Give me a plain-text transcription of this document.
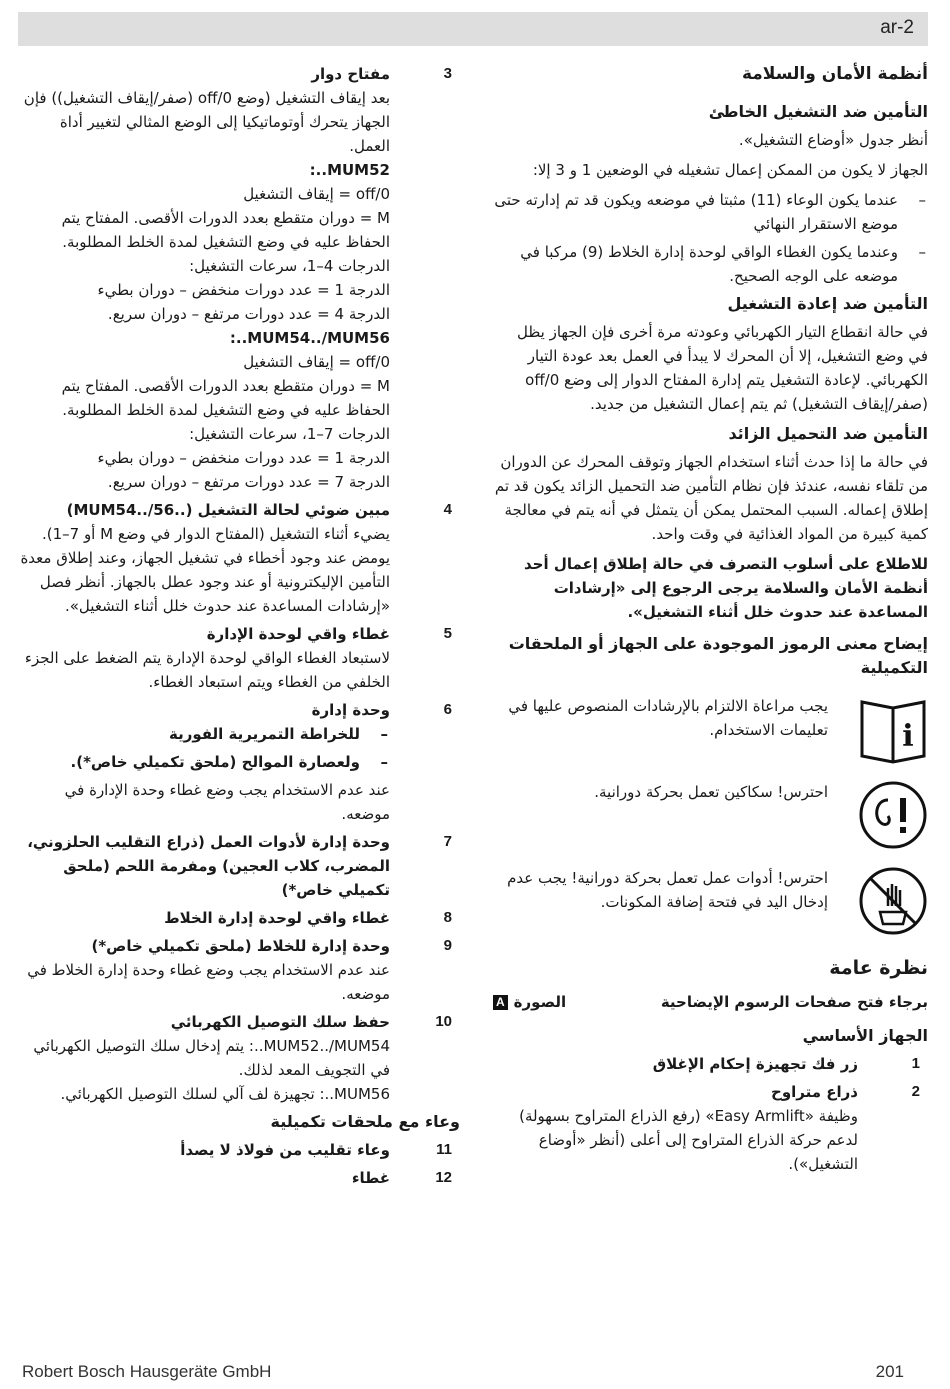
ar-2
أنظمة الأمان والسلامة
التأمين ضد التشغيل الخاطئ

أنظر جدول «أوضاع التشغيل».

الجهاز لا يكون من الممكن إعمال تشغيله في الوضعين 1 و 3 إلا:

– عندما يكون الوعاء (11) مثبتا في موضعه ويكون قد تم إدارته حتى موضع الاستقرار النهائي
– وعندما يكون الغطاء الواقي لوحدة إدارة الخلاط (9) مركبا في موضعه على الوجه الصحيح.
التأمين ضد إعادة التشغيل

في حالة انقطاع التيار الكهربائي وعودته مرة أخرى فإن الجهاز يظل في وضع التشغيل، إلا أن المحرك لا يبدأ في العمل بعد عودة التيار الكهربائي. لإعادة التشغيل يتم إدارة المفتاح الدوار إلى وضع off/0 (صفر/إيقاف التشغيل) ثم يتم إعمال التشغيل من جديد.

التأمين ضد التحميل الزائد

في حالة ما إذا حدث أثناء استخدام الجهاز وتوقف المحرك عن الدوران من تلقاء نفسه، عندئذ فإن نظام التأمين ضد التحميل الزائد يكون قد تم إطلاق إعماله. السبب المحتمل يمكن أن يتمثل في أنه يتم في معالجة كمية كبيرة من المواد الغذائية في وقت واحد.

للاطلاع على أسلوب التصرف في حالة إطلاق إعمال أحد أنظمة الأمان والسلامة يرجى الرجوع إلى «إرشادات المساعدة عند حدوث خلل أثناء التشغيل».

إيضاح معنى الرموز الموجودة على الجهاز أو الملحقات التكميلية
i
يجب مراعاة الالتزام بالإرشادات المنصوص عليها في تعليمات الاستخدام.
احترس! سكاكين تعمل بحركة دورانية.
احترس! أدوات عمل تعمل بحركة دورانية! يجب عدم إدخال اليد في فتحة إضافة المكونات.
نظرة عامة
برجاء فتح صفحات الرسوم الإيضاحية
الصورة
A
الجهاز الأساسي
1
زر فك تجهيزة إحكام الإغلاق
2
ذراع متراوح

وظيفة «Easy Armlift» (رفع الذراع المتراوح بسهولة) لدعم حركة الذراع المتراوح إلى أعلى (أنظر «أوضاع التشغيل»).

3
مفتاح دوار

بعد إيقاف التشغيل (وضع off/0 (صفر/إيقاف التشغيل)) فإن الجهاز يتحرك أوتوماتيكيا إلى الوضع المثالي لتغيير أداة العمل.

MUM52..:
off/0 = إيقاف التشغيل
M = دوران متقطع بعدد الدورات الأقصى. المفتاح يتم الحفاظ عليه في وضع التشغيل لمدة الخلط المطلوبة.
الدرجات 4–1، سرعات التشغيل:
الدرجة 1 = عدد دورات منخفض – دوران بطيء
الدرجة 4 = عدد دورات مرتفع – دوران سريع.
MUM54../MUM56..:
off/0 = إيقاف التشغيل
M = دوران متقطع بعدد الدورات الأقصى. المفتاح يتم الحفاظ عليه في وضع التشغيل لمدة الخلط المطلوبة.
الدرجات 7–1، سرعات التشغيل:
الدرجة 1 = عدد دورات منخفض – دوران بطيء
الدرجة 7 = عدد دورات مرتفع – دوران سريع.
4
مبين ضوئي لحالة التشغيل (..56/..MUM54)

يضيء أثناء التشغيل (المفتاح الدوار في وضع M أو 7–1). يومض عند وجود أخطاء في تشغيل الجهاز، وعند إطلاق معدة التأمين الإليكترونية أو عند وجود عطل بالجهاز. أنظر فصل «إرشادات المساعدة عند حدوث خلل أثناء التشغيل».

5
غطاء واقي لوحدة الإدارة

لاستبعاد الغطاء الواقي لوحدة الإدارة يتم الضغط على الجزء الخلفي من الغطاء ويتم استبعاد الغطاء.

6
وحدة إدارة
– للخراطة التمريرية الفورية
– ولعصارة الموالح (ملحق تكميلي خاص*).

عند عدم الاستخدام يجب وضع غطاء وحدة الإدارة في موضعه.

7
وحدة إدارة لأدوات العمل (ذراع التقليب الحلزوني، المضرب، كلاب العجين) ومفرمة اللحم (ملحق تكميلي خاص*)
8
غطاء واقي لوحدة إدارة الخلاط
9
وحدة إدارة للخلاط (ملحق تكميلي خاص*)

عند عدم الاستخدام يجب وضع غطاء وحدة إدارة الخلاط في موضعه.

10
حفظ سلك التوصيل الكهربائي
MUM52../MUM54..: يتم إدخال سلك التوصيل الكهربائي في التجويف المعد لذلك.
MUM56..: تجهيزة لف آلي لسلك التوصيل الكهربائي.
وعاء مع ملحقات تكميلية
11
وعاء تقليب من فولاذ لا يصدأ
12
غطاء
Robert Bosch Hausgeräte GmbH	201
